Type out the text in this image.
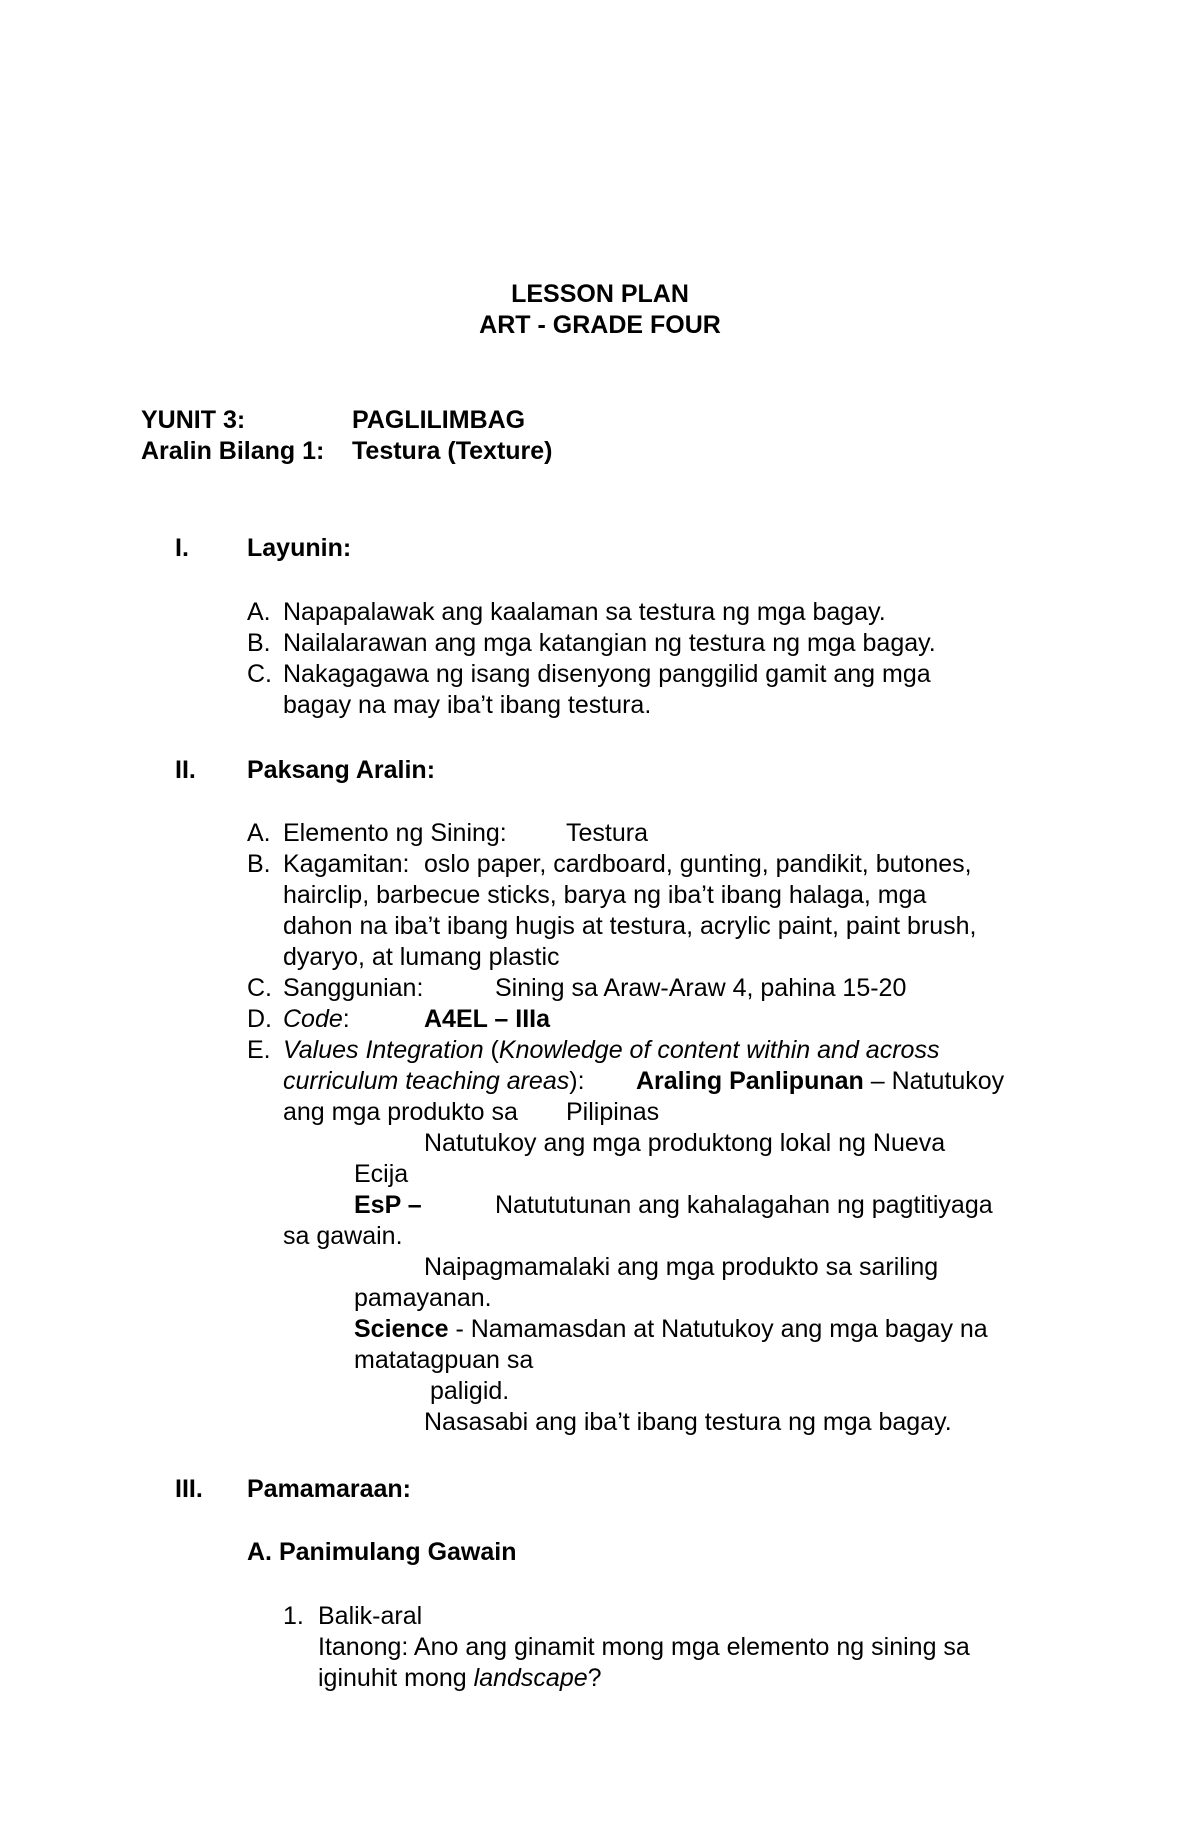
LESSON PLAN
ART - GRADE FOUR
YUNIT 3:	PAGLILIMBAG
Aralin Bilang 1: Testura (Texture)
I. Layunin:
A. Napapalawak ang kaalaman sa testura ng mga bagay.
B. Nailalarawan ang mga katangian ng testura ng mga bagay.
C. Nakagagawa ng isang disenyong panggilid gamit ang mga
bagay na may iba’t ibang testura.
II. Paksang Aralin:
A. Elemento ng Sining: Testura
B. Kagamitan: oslo paper, cardboard, gunting, pandikit, butones,
hairclip, barbecue sticks, barya ng iba’t ibang halaga, mga
dahon na iba’t ibang hugis at testura, acrylic paint, paint brush,
dyaryo, at lumang plastic
C. Sanggunian:	Sining sa Araw-Araw 4, pahina 15-20
D. Code:	A4EL – IIIa
E. Values Integration (Knowledge of content within and across
curriculum teaching areas): Araling Panlipunan – Natutukoy
ang mga produkto sa Pilipinas
Natutukoy ang mga produktong lokal ng Nueva
Ecija
EsP –	Natututunan ang kahalagahan ng pagtitiyaga
sa gawain.
Naipagmamalaki ang mga produkto sa sariling
pamayanan.
Science - Namamasdan at Natutukoy ang mga bagay na
matatagpuan sa
paligid.
Nasasabi ang iba’t ibang testura ng mga bagay.
III. Pamamaraan:
A. Panimulang Gawain
1. Balik-aral
Itanong: Ano ang ginamit mong mga elemento ng sining sa
iginuhit mong landscape?
